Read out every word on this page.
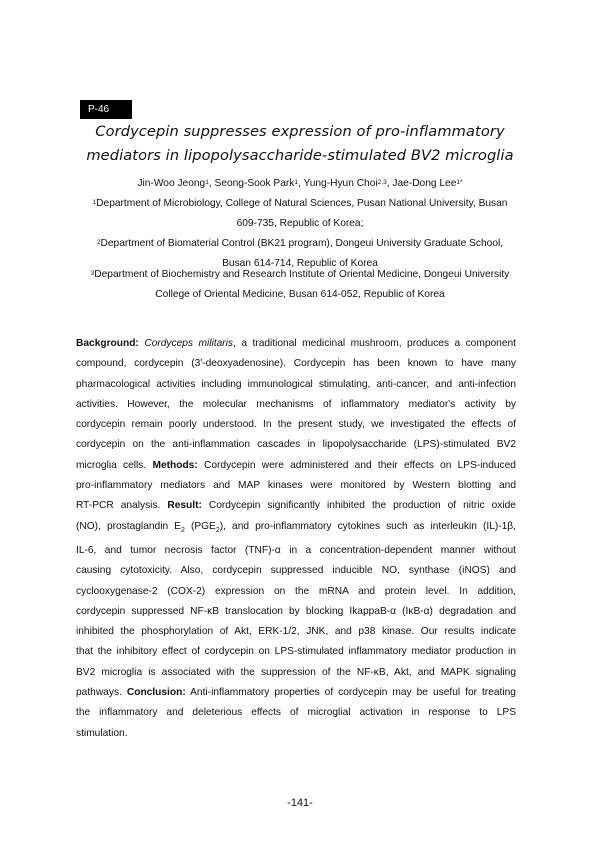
P-46
Cordycepin suppresses expression of pro-inflammatory
mediators in lipopolysaccharide-stimulated BV2 microglia
Jin-Woo Jeong$^1$, Seong-Sook Park$^1$, Yung-Hyun Choi$^{2,3}$, Jae-Dong Lee$^{1*}$
$^1$Department of Microbiology, College of Natural Sciences, Pusan National University, Busan
609-735, Republic of Korea;
$^2$Department of Biomaterial Control (BK21 program), Dongeui University Graduate School,
Busan 614-714, Republic of Korea
$^3$Department of Biochemistry and Research Institute of Oriental Medicine, Dongeui University
College of Oriental Medicine, Busan 614-052, Republic of Korea
Background: Cordyceps militaris, a traditional medicinal mushroom, produces a component
compound, cordycepin (3'-deoxyadenosine). Cordycepin has been known to have many
pharmacological activities including immunological stimulating, anti-cancer, and anti-infection
activities. However, the molecular mechanisms of inflammatory mediator's activity by
cordycepin remain poorly understood. In the present study, we investigated the effects of
cordycepin on the anti-inflammation cascades in lipopolysaccharide (LPS)-stimulated BV2
microglia cells. Methods: Cordycepin were administered and their effects on LPS-induced
pro-inflammatory mediators and MAP kinases were monitored by Western blotting and
RT-PCR analysis. Result: Cordycepin significantly inhibited the production of nitric oxide
(NO), prostaglandin $E_2$ $(PGE_2)$, and pro-inflammatory cytokines such as interleukin (IL)-1β,
IL-6, and tumor necrosis factor (TNF)-α in a concentration-dependent manner without
causing cytotoxicity. Also, cordycepin suppressed inducible NO, synthase (iNOS) and
cyclooxygenase-2 (COX-2) expression on the mRNA and protein level. In addition,
cordycepin suppressed NF-κB translocation by blocking IkappaB-α (IκB-α) degradation and
inhibited the phosphorylation of Akt, ERK-1/2, JNK, and p38 kinase. Our results indicate
that the inhibitory effect of cordycepin on LPS-stimulated inflammatory mediator production in
BV2 microglia is associated with the suppression of the NF-κB, Akt, and MAPK signaling
pathways. Conclusion: Anti-inflammatory properties of cordycepin may be useful for treating
the inflammatory and deleterious effects of microglial activation in response to LPS
stimulation.
-141-
